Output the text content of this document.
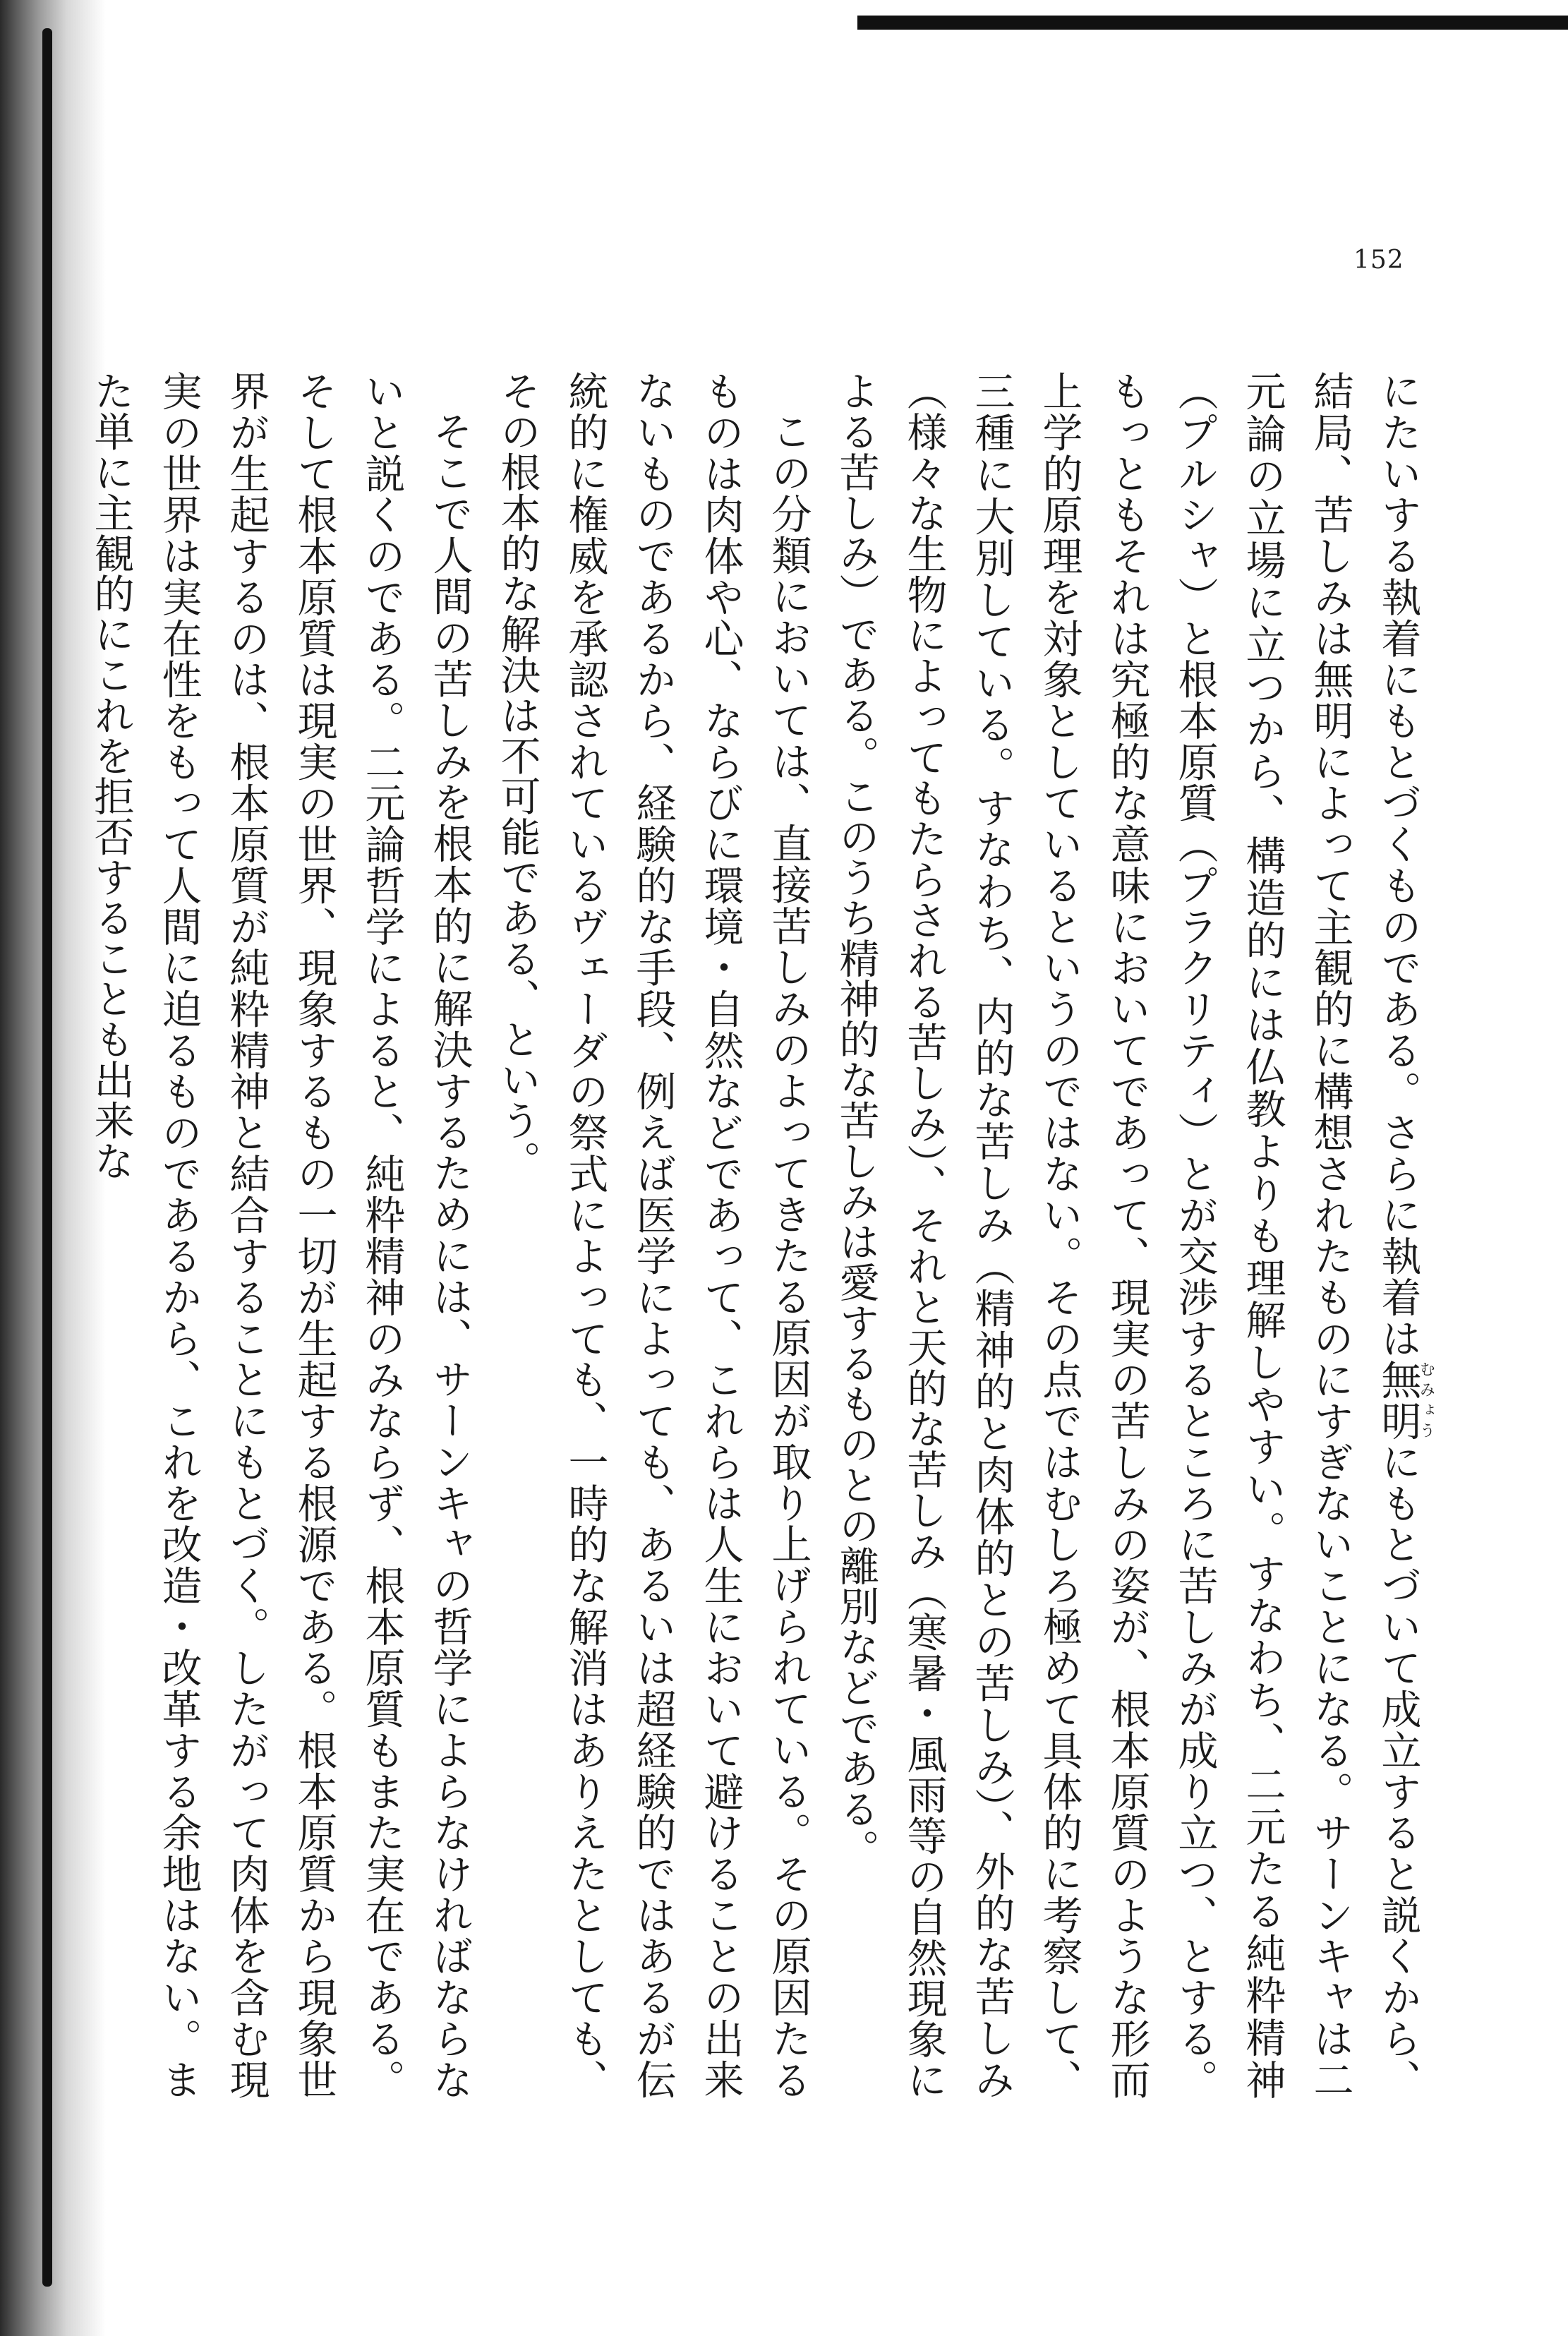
152

にたいする執着にもとづくものである。さらに執着は無明むみょうにもとづいて成立すると説くから、結局、苦しみは無明によって主観的に構想されたものにすぎないことになる。サーンキャは二元論の立場に立つから、構造的には仏教よりも理解しやすい。すなわち、二元たる純粋精神（プルシャ）と根本原質（プラクリティ）とが交渉するところに苦しみが成り立つ、とする。もっともそれは究極的な意味においてであって、現実の苦しみの姿が、根本原質のような形而上学的原理を対象としているというのではない。その点ではむしろ極めて具体的に考察して、三種に大別している。すなわち、内的な苦しみ（精神的と肉体的との苦しみ）、外的な苦しみ（様々な生物によってもたらされる苦しみ）、それと天的な苦しみ（寒暑・風雨等の自然現象による苦しみ）である。このうち精神的な苦しみは愛するものとの離別などである。

この分類においては、直接苦しみのよってきたる原因が取り上げられている。その原因たるものは肉体や心、ならびに環境・自然などであって、これらは人生において避けることの出来ないものであるから、経験的な手段、例えば医学によっても、あるいは超経験的ではあるが伝統的に権威を承認されているヴェーダの祭式によっても、一時的な解消はありえたとしても、その根本的な解決は不可能である、という。

そこで人間の苦しみを根本的に解決するためには、サーンキャの哲学によらなければならないと説くのである。二元論哲学によると、純粋精神のみならず、根本原質もまた実在である。そして根本原質は現実の世界、現象するもの一切が生起する根源である。根本原質から現象世界が生起するのは、根本原質が純粋精神と結合することにもとづく。したがって肉体を含む現実の世界は実在性をもって人間に迫るものであるから、これを改造・改革する余地はない。また単に主観的にこれを拒否することも出来な
